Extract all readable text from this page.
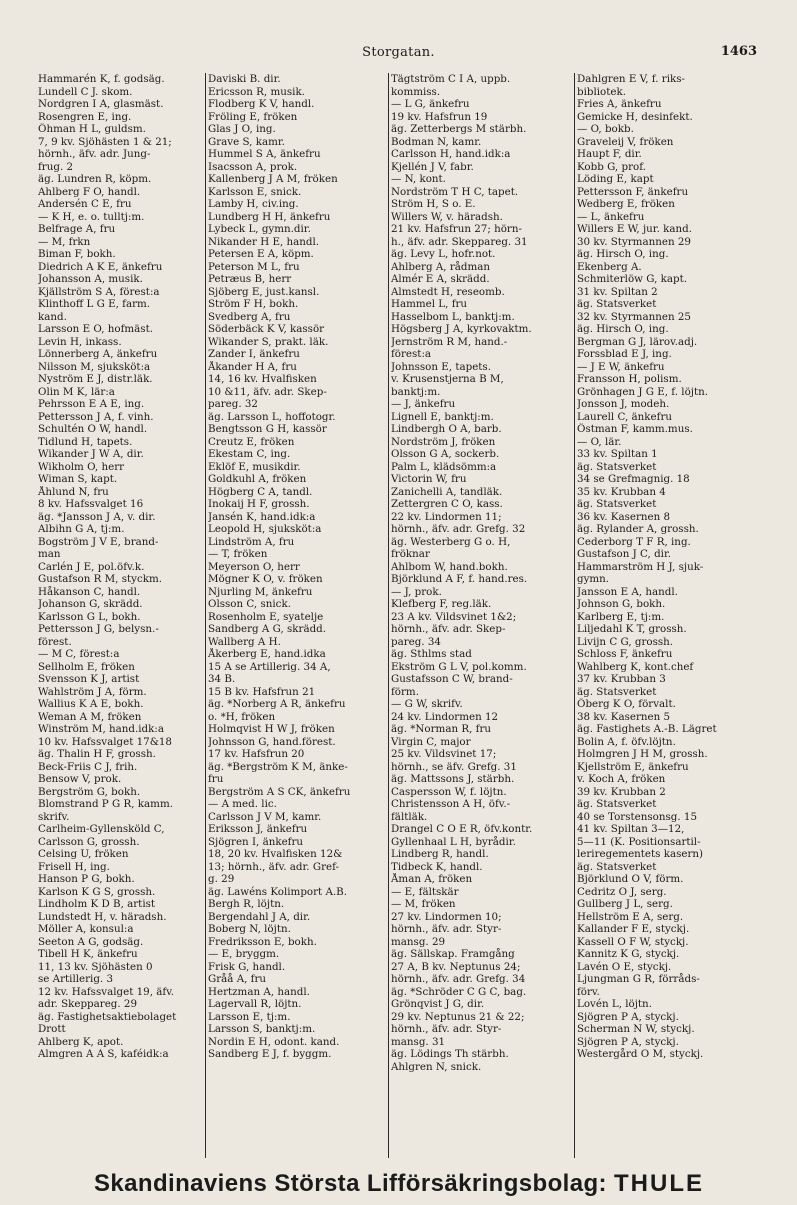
Storgatan.	1463
Hammarén K, f. godsäg.
Lundell C J. skom.
Nordgren I A, glasmäst.
Rosengren E, ing.
Öhman H L, guldsm.
7, 9 kv. Sjöhästen 1 & 21;
hörnh., äfv. adr. Jung-
frug. 2
äg. Lundren R, köpm.
Ahlberg F O, handl.
Andersén C E, fru
— K H, e. o. tulltj:m.
Belfrage A, fru
— M, frkn
Biman F, bokh.
Diedrich A K E, änkefru
Johansson A, musik.
Kjällström S A, förest:a
Klinthoff L G E, farm.
kand.
Larsson E O, hofmäst.
Levin H, inkass.
Lönnerberg A, änkefru
Nilsson M, sjuksköt:a
Nyström E J, distr.läk.
Olin M K, lär:a
Pehrsson E A E, ing.
Pettersson J A, f. vinh.
Schultén O W, handl.
Tidlund H, tapets.
Wikander J W A, dir.
Wikholm O, herr
Wiman S, kapt.
Åhlund N, fru
8 kv. Hafssvalget 16
äg. *Jansson J A, v. dir.
Albihn G A, tj:m.
Bogström J V E, brand-
man
Carlén J E, pol.öfv.k.
Gustafson R M, styckm.
Håkanson C, handl.
Johanson G, skrädd.
Karlsson G L, bokh.
Pettersson J G, belysn.-
förest.
— M C, förest:a
Sellholm E, fröken
Svensson K J, artist
Wahlström J A, förm.
Wallius K A E, bokh.
Weman A M, fröken
Winström M, hand.idk:a
10 kv. Hafssvalget 17&18
äg. Thalin H F, grossh.
Beck-Friis C J, frih.
Bensow V, prok.
Bergström G, bokh.
Blomstrand P G R, kamm.
skrifv.
Carlheim-Gyllensköld C,
Carlsson G, grossh.
Celsing U, fröken
Frisell H, ing.
Hanson P G, bokh.
Karlson K G S, grossh.
Lindholm K D B, artist
Lundstedt H, v. häradsh.
Möller A, konsul:a
Seeton A G, godsäg.
Tibell H K, änkefru
11, 13 kv. Sjöhästen 0
se Artillerig. 3
12 kv. Hafssvalget 19, äfv.
adr. Skeppareg. 29
äg. Fastighetsaktiebolaget
Drott
Ahlberg K, apot.
Almgren A A S, kaféidk:a
Daviski B. dir.
Ericsson R, musik.
Flodberg K V, handl.
Fröling E, fröken
Glas J O, ing.
Grave S, kamr.
Hummel S A, änkefru
Isacsson A, prok.
Kallenberg J A M, fröken
Karlsson E, snick.
Lamby H, civ.ing.
Lundberg H H, änkefru
Lybeck L, gymn.dir.
Nikander H E, handl.
Petersen E A, köpm.
Peterson M L, fru
Petræus B, herr
Sjöberg E, just.kansl.
Ström F H, bokh.
Svedberg A, fru
Söderbäck K V, kassör
Wikander S, prakt. läk.
Zander I, änkefru
Åkander H A, fru
14, 16 kv. Hvalfisken
10 &11, äfv. adr. Skep-
pareg. 32
äg. Larsson L, hoffotogr.
Bengtsson G H, kassör
Creutz E, fröken
Ekestam C, ing.
Eklöf E, musikdir.
Goldkuhl A, fröken
Högberg C A, tandl.
Inokaij H F, grossh.
Jansén K, hand.idk:a
Leopold H, sjuksköt:a
Lindström A, fru
— T, fröken
Meyerson O, herr
Mögner K O, v. fröken
Njurling M, änkefru
Olsson C, snick.
Rosenholm E, syatelje
Sandberg A G, skrädd.
Wallberg A H.
Åkerberg E, hand.idka
15 A se Artillerig. 34 A,
34 B.
15 B kv. Hafsfrun 21
äg. *Norberg A R, änkefru
o. *H, fröken
Holmqvist H W J, fröken
Johnsson G, hand.förest.
17 kv. Hafsfrun 20
äg. *Bergström K M, änke-
fru
Bergström A S CK, änkefru
— A med. lic.
Carlsson J V M, kamr.
Eriksson J, änkefru
Sjögren I, änkefru
18, 20 kv. Hvalfisken 12&
13; hörnh., äfv. adr. Gref-
g. 29
äg. Lawéns Kolimport A.B.
Bergh R, löjtn.
Bergendahl J A, dir.
Boberg N, löjtn.
Fredriksson E, bokh.
— E, bryggm.
Frisk G, handl.
Gråå A, fru
Hertzman A, handl.
Lagervall R, löjtn.
Larsson E, tj:m.
Larsson S, banktj:m.
Nordin E H, odont. kand.
Sandberg E J, f. byggm.
Tägtström C I A, uppb.
kommiss.
— L G, änkefru
19 kv. Hafsfrun 19
äg. Zetterbergs M stärbh.
Bodman N, kamr.
Carlsson H, hand.idk:a
Kjellén J V, fabr.
— N, kont.
Nordström T H C, tapet.
Ström H, S o. E.
Willers W, v. häradsh.
21 kv. Hafsfrun 27; hörn-
h., äfv. adr. Skeppareg. 31
äg. Levy L, hofr.not.
Ahlberg A, rådman
Almér E A, skrädd.
Almstedt H, reseomb.
Hammel L, fru
Hasselbom L, banktj:m.
Högsberg J A, kyrkovaktm.
Jernström R M, hand.-
förest:a
Johnsson E, tapets.
v. Krusenstjerna B M,
banktj:m.
— J, änkefru
Lignell E, banktj:m.
Lindbergh O A, barb.
Nordström J, fröken
Olsson G A, sockerb.
Palm L, klädsömm:a
Victorin W, fru
Zanichelli A, tandläk.
Zettergren C O, kass.
22 kv. Lindormen 11;
hörnh., äfv. adr. Grefg. 32
äg. Westerberg G o. H,
fröknar
Ahlbom W, hand.bokh.
Björklund A F, f. hand.res.
— J, prok.
Klefberg F, reg.läk.
23 A kv. Vildsvinet 1&2;
hörnh., äfv. adr. Skep-
pareg. 34
äg. Sthlms stad
Ekström G L V, pol.komm.
Gustafsson C W, brand-
förm.
— G W, skrifv.
24 kv. Lindormen 12
äg. *Norman R, fru
Virgin C, major
25 kv. Vildsvinet 17;
hörnh., se äfv. Grefg. 31
äg. Mattssons J, stärbh.
Caspersson W, f. löjtn.
Christensson A H, öfv.-
fältläk.
Drangel C O E R, öfv.kontr.
Gyllenhaal L H, byrådir.
Lindberg R, handl.
Tidbeck K, handl.
Åman A, fröken
— E, fältskär
— M, fröken
27 kv. Lindormen 10;
hörnh., äfv. adr. Styr-
mansg. 29
äg. Sällskap. Framgång
27 A, B kv. Neptunus 24;
hörnh., äfv. adr. Grefg. 34
äg. *Schröder C G C, bag.
Grönqvist J G, dir.
29 kv. Neptunus 21 & 22;
hörnh., äfv. adr. Styr-
mansg. 31
äg. Lödings Th stärbh.
Ahlgren N, snick.
Dahlgren E V, f. riks-
bibliotek.
Fries A, änkefru
Gemicke H, desinfekt.
— O, bokb.
Graveleij V, fröken
Haupt F, dir.
Kobb G, prof.
Löding E, kapt
Pettersson F, änkefru
Wedberg E, fröken
— L, änkefru
Willers E W, jur. kand.
30 kv. Styrmannen 29
äg. Hirsch O, ing.
Ekenberg A.
Schmiterlöw G, kapt.
31 kv. Spiltan 2
äg. Statsverket
32 kv. Styrmannen 25
äg. Hirsch O, ing.
Bergman G J, lärov.adj.
Forssblad E J, ing.
— J E W, änkefru
Fransson H, polism.
Grönhagen J G E, f. löjtn.
Jonsson J, modeh.
Laurell C, änkefru
Östman F, kamm.mus.
— O, lär.
33 kv. Spiltan 1
äg. Statsverket
34 se Grefmagnig. 18
35 kv. Krubban 4
äg. Statsverket
36 kv. Kasernen 8
äg. Rylander A, grossh.
Cederborg T F R, ing.
Gustafson J C, dir.
Hammarström H J, sjuk-
gymn.
Jansson E A, handl.
Johnson G, bokh.
Karlberg E, tj:m.
Liljedahl K T, grossh.
Livijn C G, grossh.
Schloss F, änkefru
Wahlberg K, kont.chef
37 kv. Krubban 3
äg. Statsverket
Öberg K O, förvalt.
38 kv. Kasernen 5
äg. Fastighets A.-B. Lägret
Bolin A, f. öfv.löjtn.
Holmgren J H M, grossh.
Kjellström E, änkefru
v. Koch A, fröken
39 kv. Krubban 2
äg. Statsverket
40 se Torstensonsg. 15
41 kv. Spiltan 3—12,
5—11 (K. Positionsartil-
leriregementets kasern)
äg. Statsverket
Björklund O V, förm.
Cedritz O J, serg.
Gullberg J L, serg.
Hellström E A, serg.
Kallander F E, styckj.
Kassell O F W, styckj.
Kannitz K G, styckj.
Lavén O E, styckj.
Ljungman G R, förråds-
förv.
Lovén L, löjtn.
Sjögren P A, styckj.
Scherman N W, styckj.
Sjögren P A, styckj.
Westergård O M, styckj.
Skandinaviens Största Lifförsäkringsbolag: THULE
